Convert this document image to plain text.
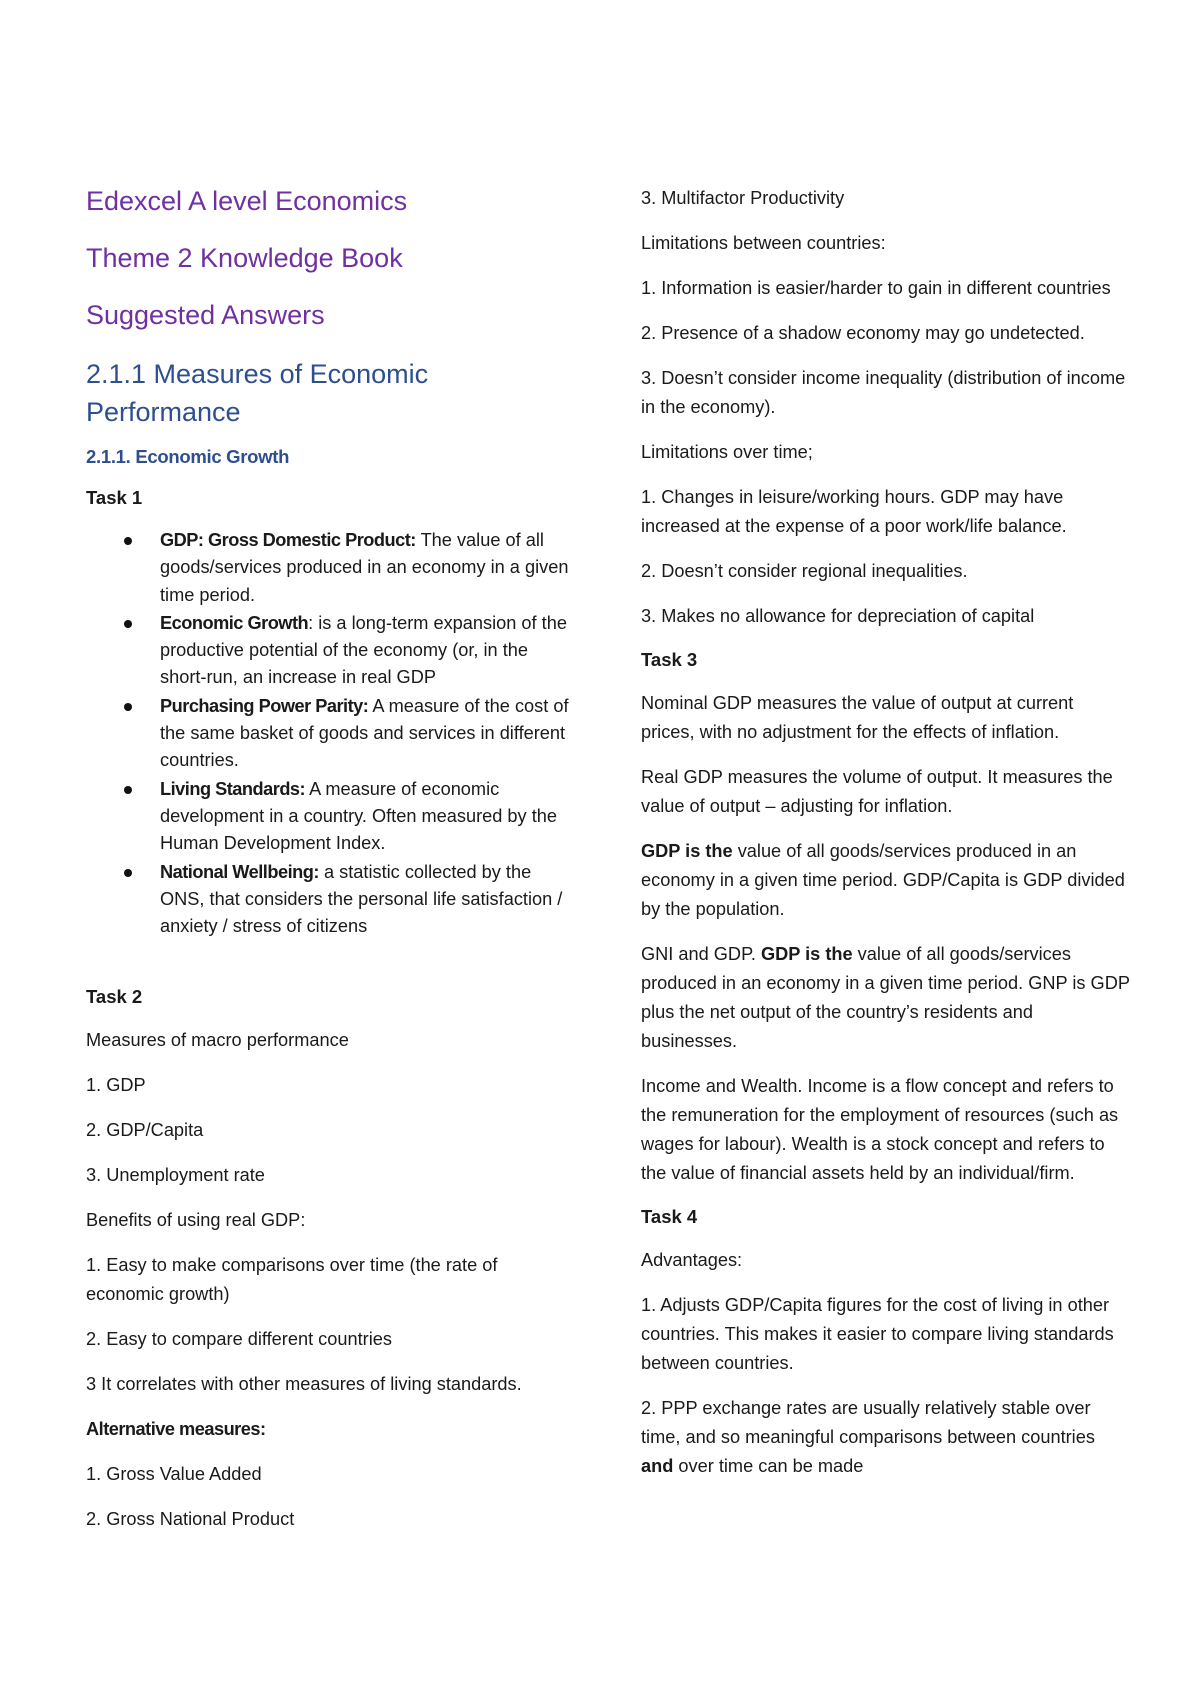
Edexcel A level Economics
Theme 2 Knowledge Book
Suggested Answers
2.1.1 Measures of Economic Performance
2.1.1. Economic Growth
Task 1
GDP: Gross Domestic Product: The value of all goods/services produced in an economy in a given time period.
Economic Growth: is a long-term expansion of the productive potential of the economy (or, in the short-run, an increase in real GDP
Purchasing Power Parity: A measure of the cost of the same basket of goods and services in different countries.
Living Standards: A measure of economic development in a country. Often measured by the Human Development Index.
National Wellbeing: a statistic collected by the ONS, that considers the personal life satisfaction / anxiety / stress of citizens
Task 2

Measures of macro performance

1. GDP

2. GDP/Capita

3. Unemployment rate

Benefits of using real GDP:

1. Easy to make comparisons over time (the rate of economic growth)

2. Easy to compare different countries

3 It correlates with other measures of living standards.

Alternative measures:

1. Gross Value Added

2. Gross National Product

3. Multifactor Productivity

Limitations between countries:

1. Information is easier/harder to gain in different countries

2. Presence of a shadow economy may go undetected.

3. Doesn’t consider income inequality (distribution of income in the economy).

Limitations over time;

1. Changes in leisure/working hours. GDP may have increased at the expense of a poor work/life balance.

2. Doesn’t consider regional inequalities.

3. Makes no allowance for depreciation of capital

Task 3

Nominal GDP measures the value of output at current prices, with no adjustment for the effects of inflation.

Real GDP measures the volume of output. It measures the value of output – adjusting for inflation.

GDP is the value of all goods/services produced in an economy in a given time period. GDP/Capita is GDP divided by the population.

GNI and GDP. GDP is the value of all goods/services produced in an economy in a given time period. GNP is GDP plus the net output of the country’s residents and businesses.

Income and Wealth. Income is a flow concept and refers to the remuneration for the employment of resources (such as wages for labour). Wealth is a stock concept and refers to the value of financial assets held by an individual/firm.

Task 4

Advantages:

1. Adjusts GDP/Capita figures for the cost of living in other countries. This makes it easier to compare living standards between countries.

2. PPP exchange rates are usually relatively stable over time, and so meaningful comparisons between countries and over time can be made
